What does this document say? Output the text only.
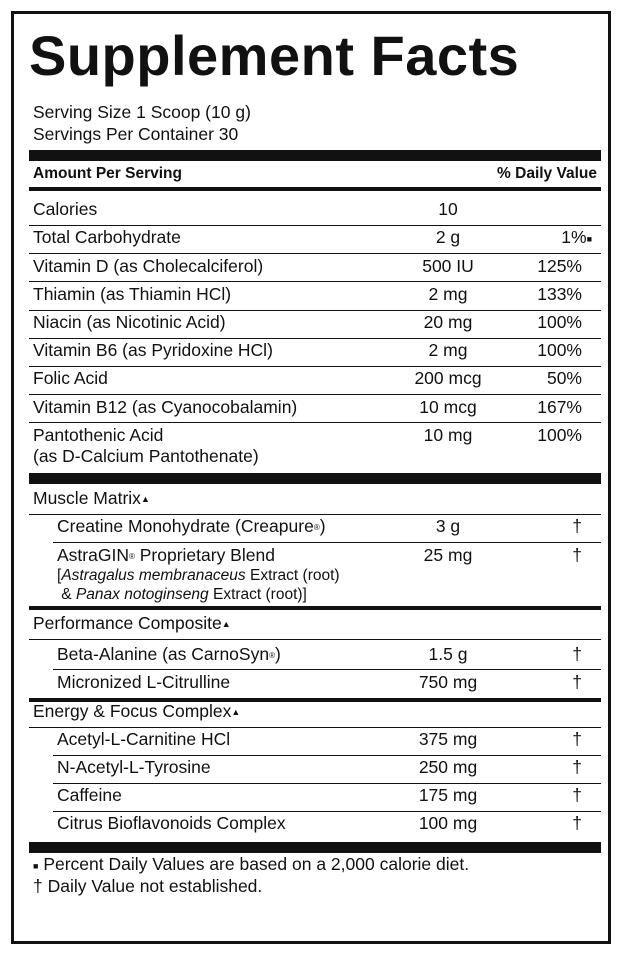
Supplement Facts
Serving Size 1 Scoop (10 g)
Servings Per Container 30
Amount Per Serving	% Daily Value
Calories	10
Total Carbohydrate	2 g	1%■
Vitamin D (as Cholecalciferol)	500 IU	125%
Thiamin (as Thiamin HCl)	2 mg	133%
Niacin (as Nicotinic Acid)	20 mg	100%
Vitamin B6 (as Pyridoxine HCl)	2 mg	100%
Folic Acid	200 mcg	50%
Vitamin B12 (as Cyanocobalamin)	10 mcg	167%
Pantothenic Acid
(as D-Calcium Pantothenate)
10 mg	100%
Muscle Matrix▲
Creatine Monohydrate (Creapure®)	3 g	†
AstraGIN® Proprietary Blend	25 mg	†
[Astragalus membranaceus Extract (root)
& Panax notoginseng Extract (root)]
Performance Composite▲
Beta-Alanine (as CarnoSyn®)	1.5 g	†
Micronized L-Citrulline	750 mg	†
Energy & Focus Complex▲
Acetyl-L-Carnitine HCl	375 mg	†
N-Acetyl-L-Tyrosine	250 mg	†
Caffeine	175 mg	†
Citrus Bioflavonoids Complex	100 mg	†
■ Percent Daily Values are based on a 2,000 calorie diet.
† Daily Value not established.
